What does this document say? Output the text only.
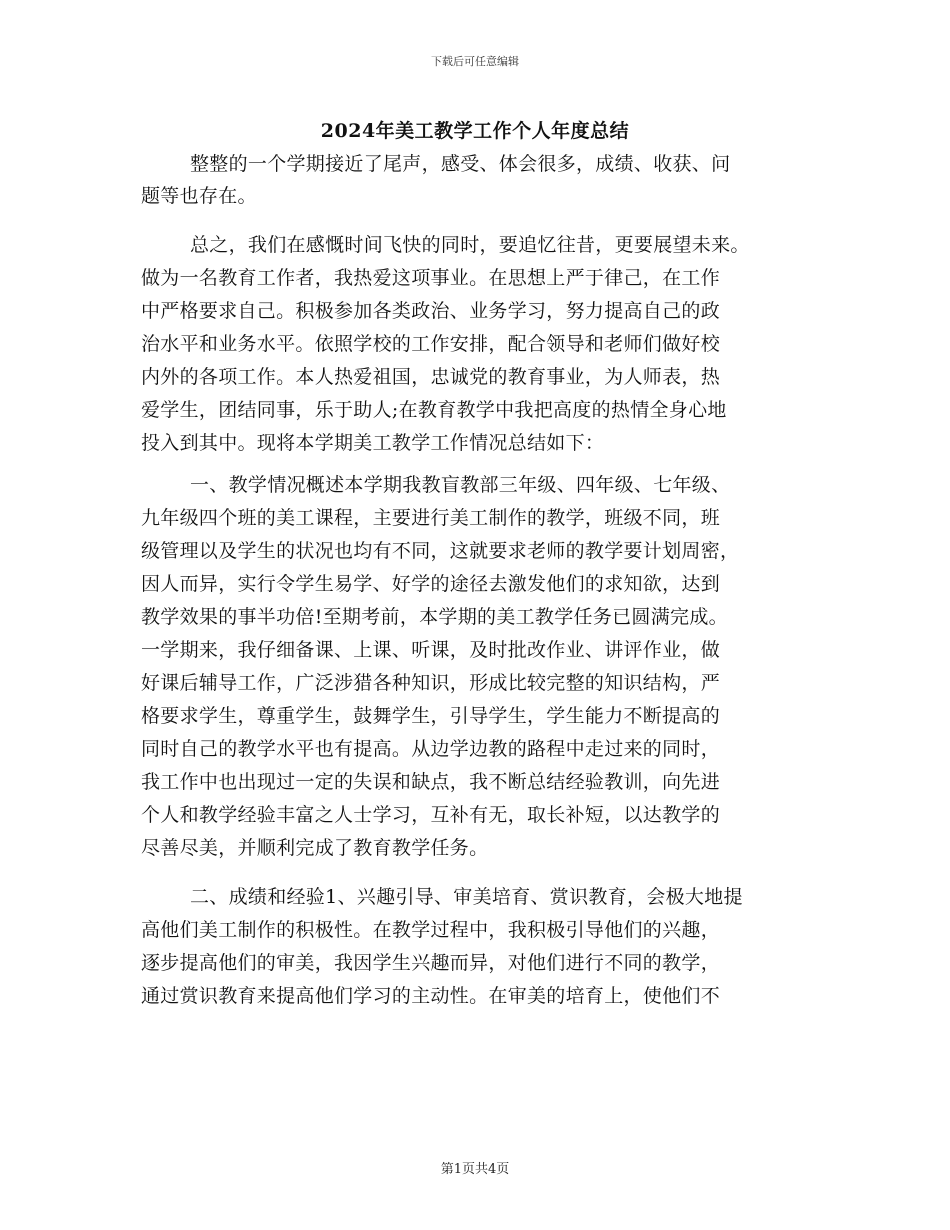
下载后可任意编辑
2024年美工教学工作个人年度总结
整整的一个学期接近了尾声，感受、体会很多，成绩、收获、问
题等也存在。
总之，我们在感慨时间飞快的同时，要追忆往昔，更要展望未来。
做为一名教育工作者，我热爱这项事业。在思想上严于律己，在工作
中严格要求自己。积极参加各类政治、业务学习，努力提高自己的政
治水平和业务水平。依照学校的工作安排，配合领导和老师们做好校
内外的各项工作。本人热爱祖国，忠诚党的教育事业，为人师表，热
爱学生，团结同事，乐于助人;在教育教学中我把高度的热情全身心地
投入到其中。现将本学期美工教学工作情况总结如下：
一、教学情况概述本学期我教盲教部三年级、四年级、七年级、
九年级四个班的美工课程，主要进行美工制作的教学，班级不同，班
级管理以及学生的状况也均有不同，这就要求老师的教学要计划周密，
因人而异，实行令学生易学、好学的途径去激发他们的求知欲，达到
教学效果的事半功倍!至期考前，本学期的美工教学任务已圆满完成。
一学期来，我仔细备课、上课、听课，及时批改作业、讲评作业，做
好课后辅导工作，广泛涉猎各种知识，形成比较完整的知识结构，严
格要求学生，尊重学生，鼓舞学生，引导学生，学生能力不断提高的
同时自己的教学水平也有提高。从边学边教的路程中走过来的同时，
我工作中也出现过一定的失误和缺点，我不断总结经验教训，向先进
个人和教学经验丰富之人士学习，互补有无，取长补短，以达教学的
尽善尽美，并顺利完成了教育教学任务。
二、成绩和经验1、兴趣引导、审美培育、赏识教育，会极大地提
高他们美工制作的积极性。在教学过程中，我积极引导他们的兴趣，
逐步提高他们的审美，我因学生兴趣而异，对他们进行不同的教学，
通过赏识教育来提高他们学习的主动性。在审美的培育上，使他们不
第1页共4页
